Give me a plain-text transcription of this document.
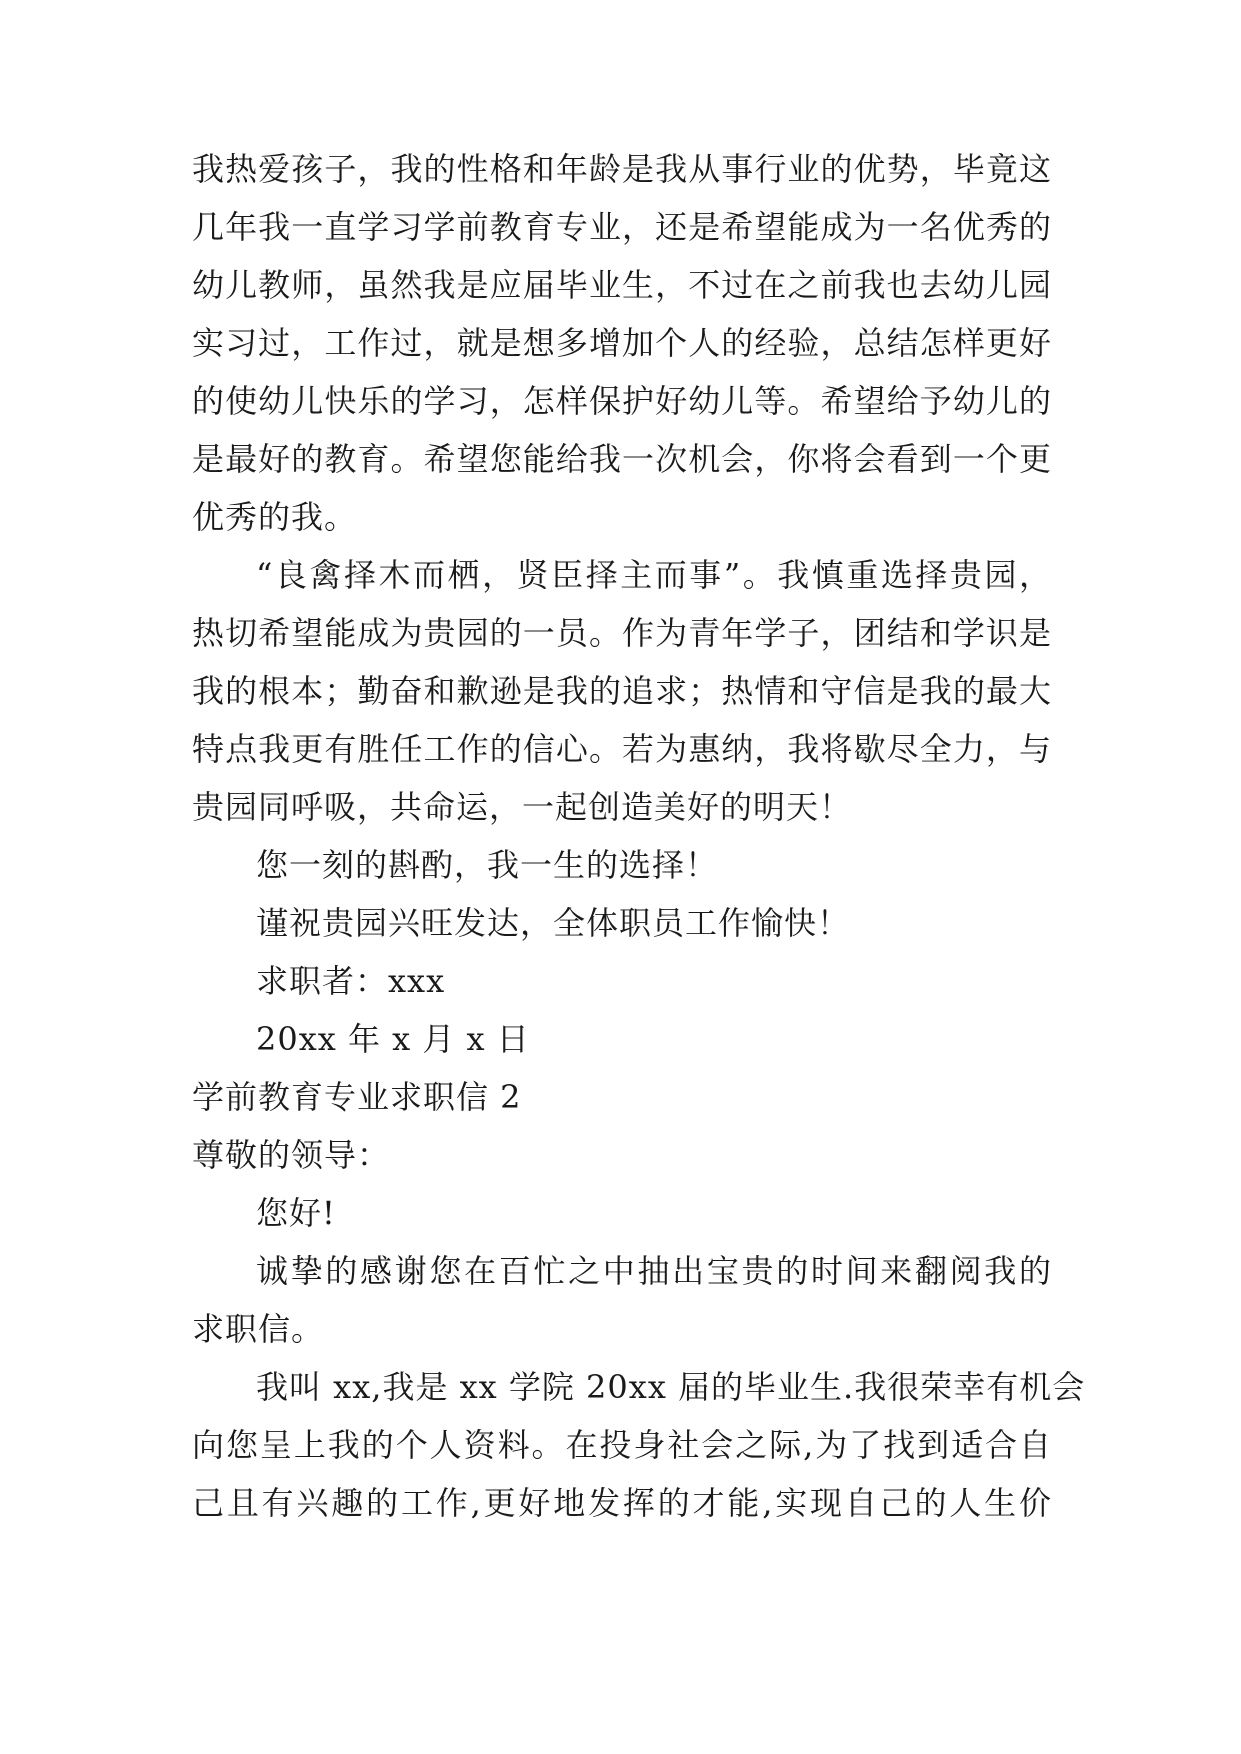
我热爱孩子，我的性格和年龄是我从事行业的优势，毕竟这
几年我一直学习学前教育专业，还是希望能成为一名优秀的
幼儿教师，虽然我是应届毕业生，不过在之前我也去幼儿园
实习过，工作过，就是想多增加个人的经验，总结怎样更好
的使幼儿快乐的学习，怎样保护好幼儿等。希望给予幼儿的
是最好的教育。希望您能给我一次机会，你将会看到一个更
优秀的我。
“良禽择木而栖，贤臣择主而事”。我慎重选择贵园，
热切希望能成为贵园的一员。作为青年学子，团结和学识是
我的根本；勤奋和歉逊是我的追求；热情和守信是我的最大
特点我更有胜任工作的信心。若为惠纳，我将歇尽全力，与
贵园同呼吸，共命运，一起创造美好的明天！
您一刻的斟酌，我一生的选择！
谨祝贵园兴旺发达，全体职员工作愉快！
求职者：xxx
20xx 年 x 月 x 日
学前教育专业求职信 2
尊敬的领导：
您好!
诚挚的感谢您在百忙之中抽出宝贵的时间来翻阅我的
求职信。
我叫 xx,我是 xx 学院 20xx 届的毕业生.我很荣幸有机会
向您呈上我的个人资料。在投身社会之际,为了找到适合自
己且有兴趣的工作,更好地发挥的才能,实现自己的人生价
